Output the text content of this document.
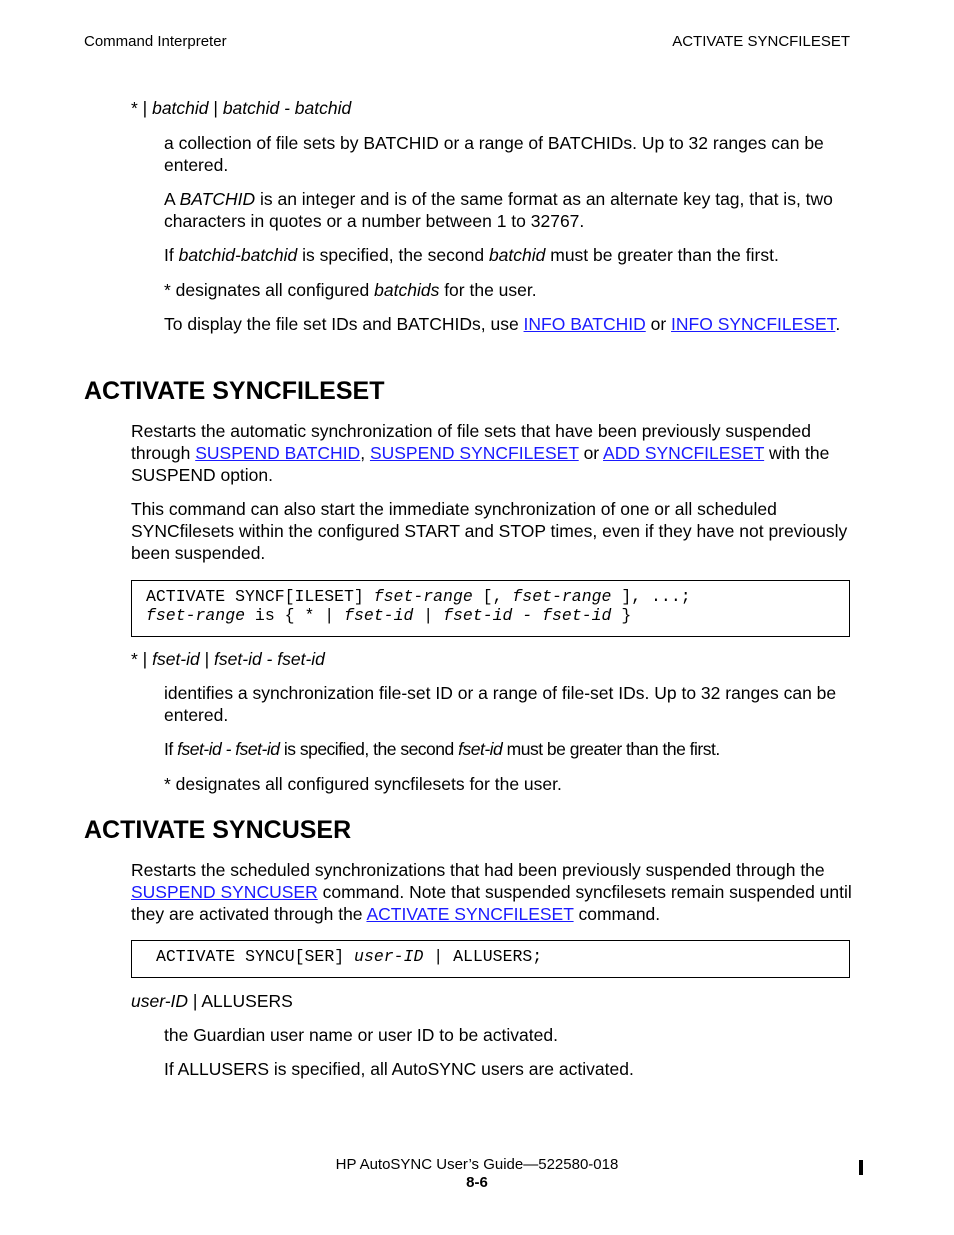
Command Interpreter	ACTIVATE SYNCFILESET

* | batchid | batchid - batchid

a collection of file sets by BATCHID or a range of BATCHIDs. Up to 32 ranges can be entered.

A BATCHID is an integer and is of the same format as an alternate key tag, that is, two characters in quotes or a number between 1 to 32767.

If batchid-batchid is specified, the second batchid must be greater than the first.

* designates all configured batchids for the user.

To display the file set IDs and BATCHIDs, use INFO BATCHID or INFO SYNCFILESET.

ACTIVATE SYNCFILESET

Restarts the automatic synchronization of file sets that have been previously suspended through SUSPEND BATCHID, SUSPEND SYNCFILESET or ADD SYNCFILESET with the SUSPEND option.

This command can also start the immediate synchronization of one or all scheduled SYNCfilesets within the configured START and STOP times, even if they have not previously been suspended.

ACTIVATE SYNCF[ILESET] fset-range [, fset-range ], ...;
fset-range is { * | fset-id | fset-id - fset-id }

* | fset-id | fset-id - fset-id

identifies a synchronization file-set ID or a range of file-set IDs. Up to 32 ranges can be entered.

If fset-id - fset-id is specified, the second fset-id must be greater than the first.

* designates all configured syncfilesets for the user.

ACTIVATE SYNCUSER

Restarts the scheduled synchronizations that had been previously suspended through the SUSPEND SYNCUSER command. Note that suspended syncfilesets remain suspended until they are activated through the ACTIVATE SYNCFILESET command.

ACTIVATE SYNCU[SER] user-ID | ALLUSERS;

user-ID | ALLUSERS

the Guardian user name or user ID to be activated.

If ALLUSERS is specified, all AutoSYNC users are activated.

HP AutoSYNC User’s Guide—522580-018
8-6
